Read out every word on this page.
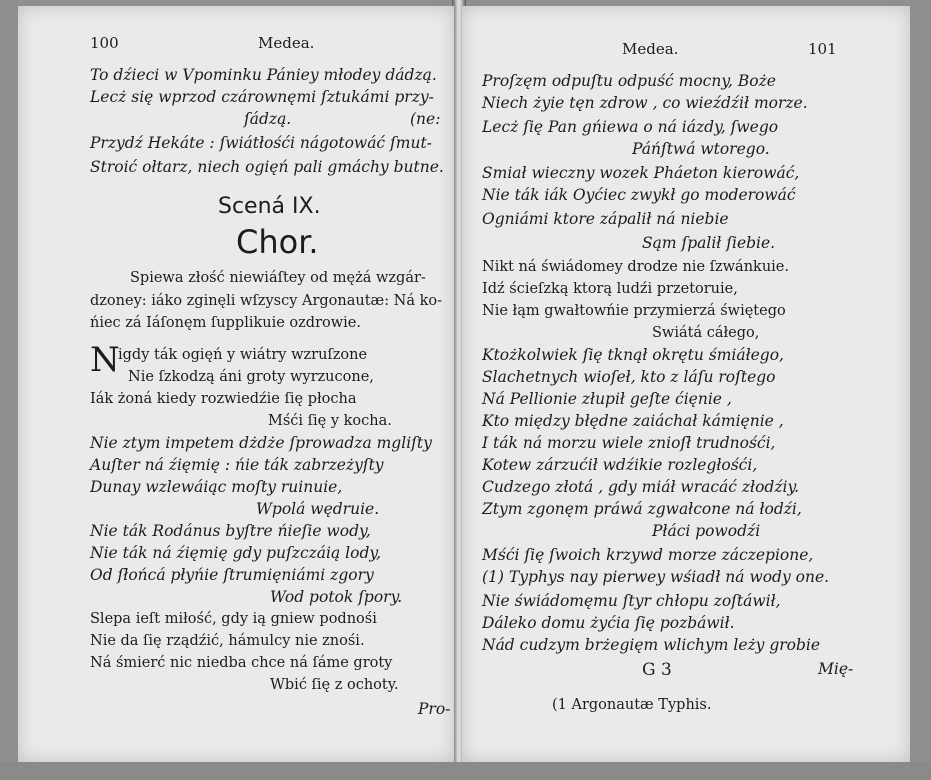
100	Medea.
To dźieci w Vpominku Pániey młodey dádzą.
Lecż się wprzod czárownęmi ſztukámi przy-
ſádzą.	(ne:
Przydź Hekáte : ſwiátłośći nágotowáć ſmut-
Stroić ołtarz, niech ogięń pali gmáchy butne.
Scená IX.
Chor.
Spiewa złość niewiáſtey od mężá wzgár-
dzoney: iáko zginęli wſzyscy Argonautæ: Ná ko-
ńiec zá Iáſonęm ſupplikuie ozdrowie.
N
igdy ták ogięń y wiátry wzruſzone
Nie ſzkodzą áni groty wyrzucone,
Iák żoná kiedy rozwiedźie ſię płocha
Mśći ſię y kocha.
Nie ztym impetem dżdże ſprowadza mgliſty
Auſter ná źięmię : ńie ták zabrzeżyſty
Dunay wzlewáiąc moſty ruinuie,
Wpolá wędruie.
Nie ták Rodánus byſtre ńieſie wody,
Nie ták ná źięmię gdy puſzczáią lody,
Od ſłońcá płyńie ſtrumięniámi zgory
Wod potok ſpory.
Slepa ieſt miłość, gdy ią gniew podnośi
Nie da ſię rządźić, hámulcy nie znośi.
Ná śmierć nic niedba chce ná ſáme groty
Wbić ſię z ochoty.
Pro-
Medea.	101
Proſzęm odpuſtu odpuść mocny, Boże
Niech żyie tęn zdrow , co wieźdźił morze.
Lecż ſię Pan gńiewa o ná iázdy, ſwego
Páńſtwá wtorego.
Smiał wieczny wozek Pháeton kierowáć,
Nie ták iák Oyćiec zwykł go moderowáć
Ogniámi ktore zápalił ná niebie
Sąm ſpalił ſiebie.
Nikt ná świádomey drodze nie ſzwánkuie.
Idź ścieſzką ktorą ludźi przetoruie,
Nie łąm gwałtowńie przymierzá świętego
Swiátá cáłego,
Ktożkolwiek ſię tknął okrętu śmiáłego,
Slachetnych wioſeł, kto z láſu roſtego
Ná Pellionie złupił geſte ćięnie ,
Kto między błędne zaiáchał kámięnie ,
I ták ná morzu wiele znioſł trudnośći,
Kotew zárzućił wdźikie rozległośći,
Cudzego złotá , gdy miáł wracáć złodźiy.
Ztym zgonęm práwá zgwałcone ná łodźi,
Płáci powodźi
Mśći ſię ſwoich krzywd morze záczepione,
(1) Typhys nay pierwey wśiadł ná wody one.
Nie świádomęmu ſtyr chłopu zoſtáwił,
Dáleko domu żyćia ſię pozbáwił.
Nád cudzym brżegięm wlichym leży grobie
G 3	Mię-
(1 Argonautæ Typhis.
